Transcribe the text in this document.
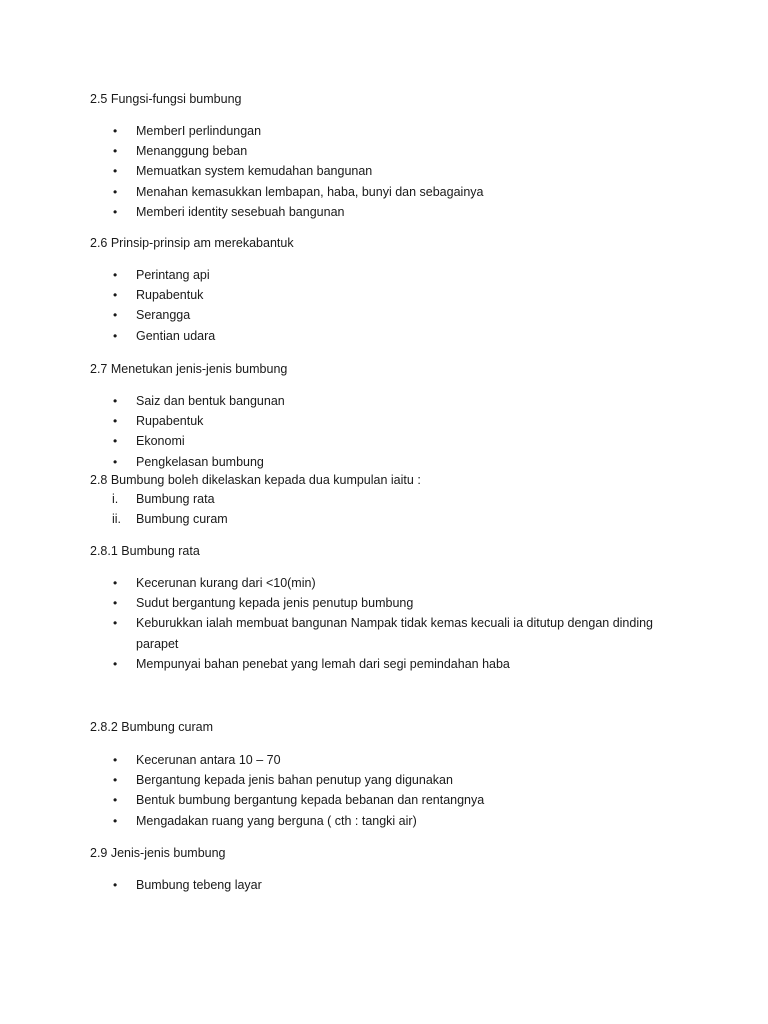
2.5 Fungsi-fungsi bumbung
• MemberI perlindungan
• Menanggung beban
• Memuatkan system kemudahan bangunan
• Menahan kemasukkan lembapan, haba, bunyi dan sebagainya
• Memberi identity sesebuah bangunan
2.6 Prinsip-prinsip am merekabantuk
• Perintang api
• Rupabentuk
• Serangga
• Gentian udara
2.7 Menetukan jenis-jenis bumbung
• Saiz dan bentuk bangunan
• Rupabentuk
• Ekonomi
• Pengkelasan bumbung
2.8 Bumbung boleh dikelaskan kepada dua kumpulan iaitu :
i. Bumbung rata
ii. Bumbung curam
2.8.1 Bumbung rata
• Kecerunan kurang dari <10(min)
• Sudut bergantung kepada jenis penutup bumbung
• Keburukkan ialah membuat bangunan Nampak tidak kemas kecuali ia ditutup dengan dinding parapet
• Mempunyai bahan penebat yang lemah dari segi pemindahan haba
2.8.2 Bumbung curam
• Kecerunan antara 10 – 70
• Bergantung kepada jenis bahan penutup yang digunakan
• Bentuk bumbung bergantung kepada bebanan dan rentangnya
• Mengadakan ruang yang berguna ( cth : tangki air)
2.9 Jenis-jenis bumbung
• Bumbung tebeng layar
